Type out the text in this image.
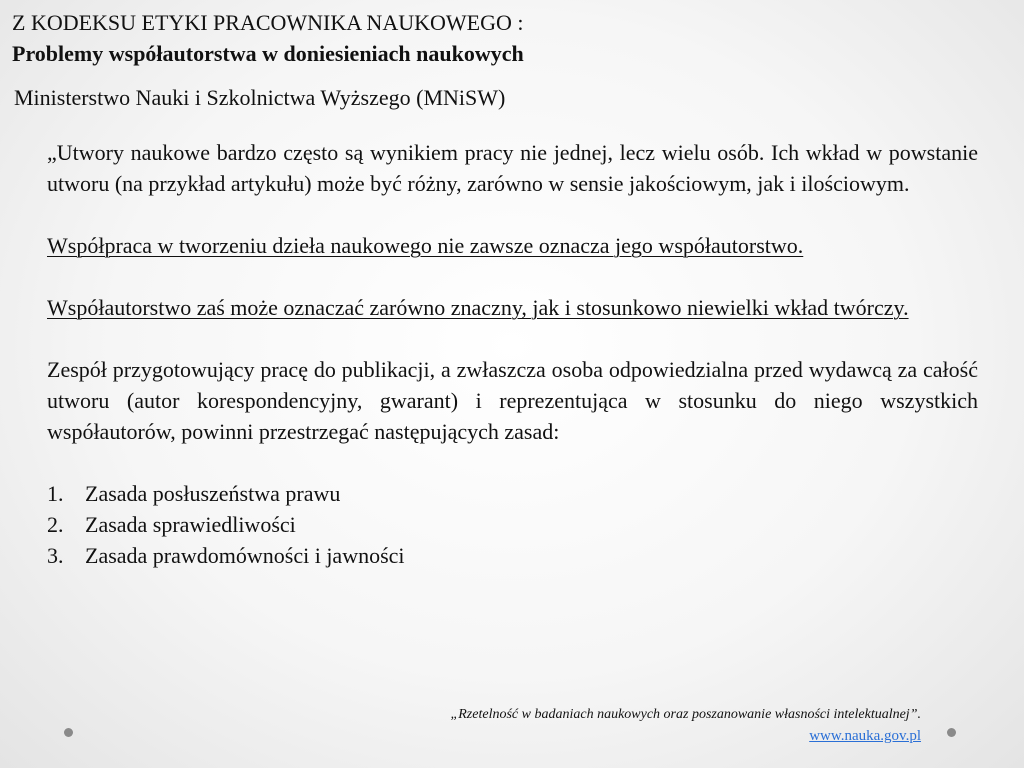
Z KODEKSU ETYKI PRACOWNIKA NAUKOWEGO :
Problemy współautorstwa w doniesieniach naukowych
Ministerstwo Nauki i Szkolnictwa Wyższego (MNiSW)

„Utwory naukowe bardzo często są wynikiem pracy nie jednej, lecz wielu osób. Ich wkład w powstanie utworu (na przykład artykułu) może być różny, zarówno w sensie jakościowym, jak i ilościowym.

Współpraca w tworzeniu dzieła naukowego nie zawsze oznacza jego współautorstwo.

Współautorstwo zaś może oznaczać zarówno znaczny, jak i stosunkowo niewielki wkład twórczy.

Zespół przygotowujący pracę do publikacji, a zwłaszcza osoba odpowiedzialna przed wydawcą za całość utworu (autor korespondencyjny, gwarant) i reprezentująca w stosunku do niego wszystkich współautorów, powinni przestrzegać następujących zasad:

1. Zasada posłuszeństwa prawu
2. Zasada sprawiedliwości
3. Zasada prawdomówności i jawności
„Rzetelność w badaniach naukowych oraz poszanowanie własności intelektualnej”.
www.nauka.gov.pl
